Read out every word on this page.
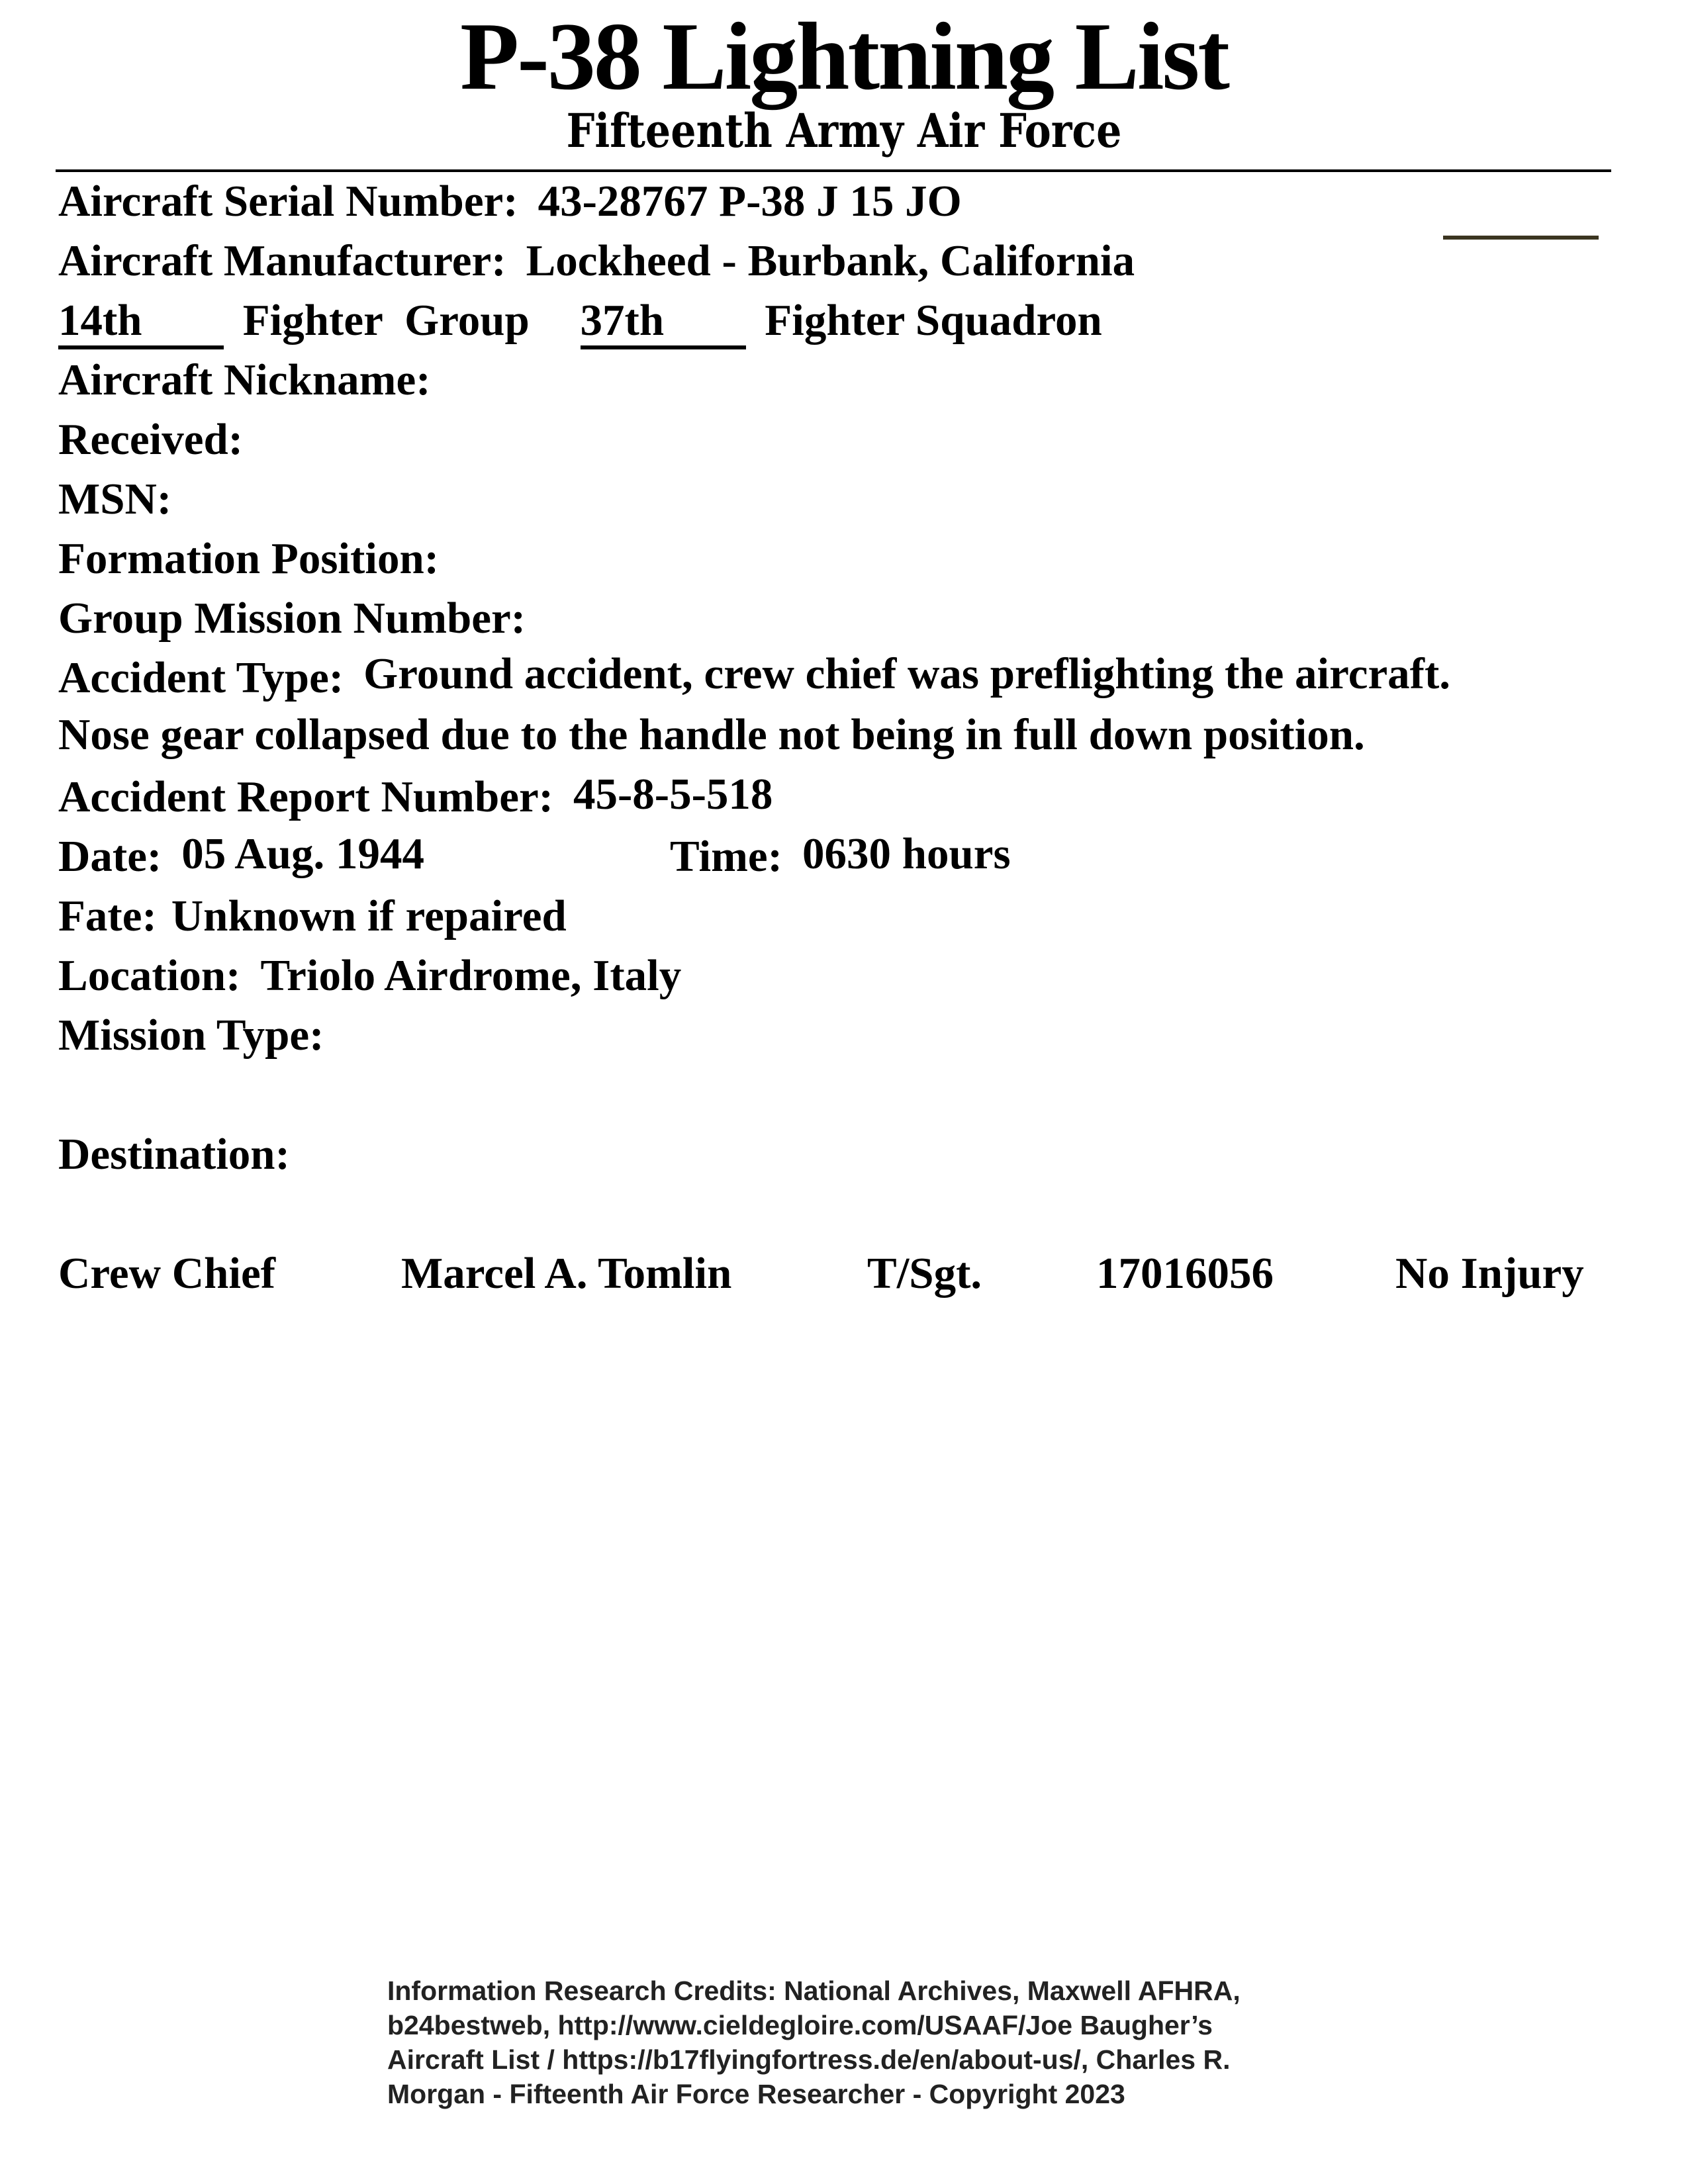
P-38 Lightning List
Fifteenth Army Air Force
Aircraft Serial Number: 43-28767 P-38 J 15 JO
Aircraft Manufacturer: Lockheed - Burbank, California
14th Fighter  Group 37th Fighter Squadron
Aircraft Nickname:
Received:
MSN:
Formation Position:
Group Mission Number:
Accident Type: Ground accident, crew chief was preflighting the aircraft.
Nose gear collapsed due to the handle not being in full down position.
Accident Report Number: 45-8-5-518
Date: 05 Aug. 1944	Time: 0630 hours
Fate: Unknown if repaired
Location: Triolo Airdrome, Italy
Mission Type:
Destination:
Crew Chief	Marcel A. Tomlin	T/Sgt.	17016056	No Injury
Information Research Credits: National Archives, Maxwell AFHRA,
b24bestweb, http://www.cieldegloire.com/USAAF/Joe Baugher’s
Aircraft List / https://b17flyingfortress.de/en/about-us/, Charles R.
Morgan - Fifteenth Air Force Researcher - Copyright 2023
